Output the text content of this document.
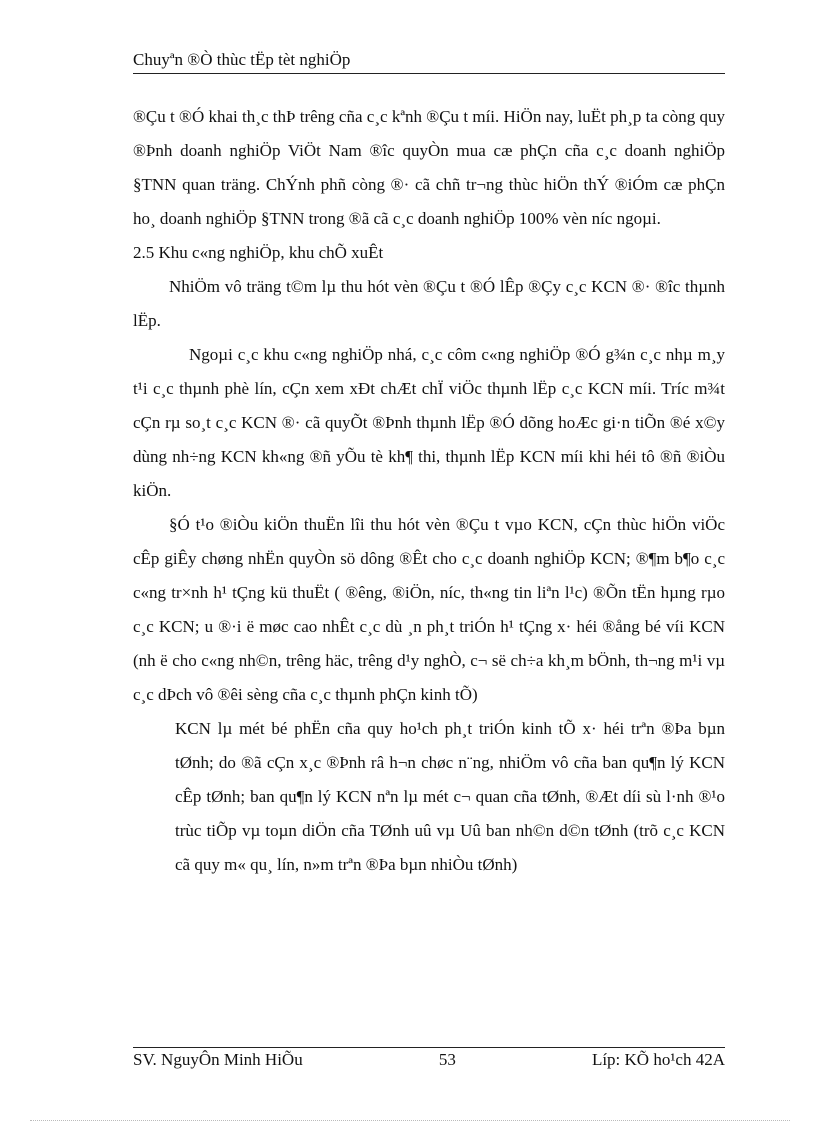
Chuyªn ®Ò thùc tËp tèt nghiÖp

®Çu t ®Ó khai th¸c thÞ trêng cña c¸c kªnh ®Çu t míi. HiÖn nay, luËt ph¸p ta còng quy ®Þnh doanh nghiÖp ViÖt Nam ®îc quyÒn mua cæ phÇn cña c¸c doanh nghiÖp §TNN quan träng. ChÝnh phñ còng ®· cã chñ tr¬ng thùc hiÖn thÝ ®iÓm cæ phÇn ho¸ doanh nghiÖp §TNN trong ®ã cã c¸c doanh nghiÖp 100% vèn níc ngoµi.

2.5 Khu c«ng nghiÖp, khu chÕ xuÊt

NhiÖm vô träng t©m lµ thu hót vèn ®Çu t ®Ó lÊp ®Çy c¸c KCN ®· ®îc thµnh lËp.

Ngoµi c¸c khu c«ng nghiÖp nhá, c¸c côm c«ng nghiÖp ®Ó g¾n c¸c nhµ m¸y t¹i c¸c thµnh phè lín, cÇn xem xÐt chÆt chÏ viÖc thµnh lËp c¸c KCN míi. Tríc m¾t cÇn rµ so¸t c¸c KCN ®· cã quyÕt ®Þnh thµnh lËp ®Ó dõng hoÆc gi·n tiÕn ®é x©y dùng nh÷ng KCN kh«ng ®ñ yÕu tè kh¶ thi, thµnh lËp KCN míi khi héi tô ®ñ ®iÒu kiÖn.

§Ó t¹o ®iÒu kiÖn thuËn lîi thu hót vèn ®Çu t vµo KCN, cÇn thùc hiÖn viÖc cÊp giÊy chøng nhËn quyÒn sö dông ®Êt cho c¸c doanh nghiÖp KCN; ®¶m b¶o c¸c c«ng tr×nh h¹ tÇng kü thuËt ( ®êng, ®iÖn, níc, th«ng tin liªn l¹c) ®Õn tËn hµng rµo c¸c KCN; u ®·i ë møc cao nhÊt c¸c dù ¸n ph¸t triÓn h¹ tÇng x· héi ®ång bé víi KCN (nh ë cho c«ng nh©n, trêng häc, trêng d¹y nghÒ, c¬ së ch÷a kh¸m bÖnh, th¬ng m¹i vµ c¸c dÞch vô ®êi sèng cña c¸c thµnh phÇn kinh tÕ)

KCN lµ mét bé phËn cña quy ho¹ch ph¸t triÓn kinh tÕ x· héi trªn ®Þa bµn tØnh; do ®ã cÇn x¸c ®Þnh râ h¬n chøc n¨ng, nhiÖm vô cña ban qu¶n lý KCN cÊp tØnh; ban qu¶n lý KCN nªn lµ mét c¬ quan cña tØnh, ®Æt díi sù l·nh ®¹o trùc tiÕp vµ toµn diÖn cña TØnh uû vµ Uû ban nh©n d©n tØnh (trõ c¸c KCN cã quy m« qu¸ lín, n»m trªn ®Þa bµn nhiÒu tØnh)

SV. NguyÔn Minh HiÕu	53	Líp: KÕ ho¹ch 42A
